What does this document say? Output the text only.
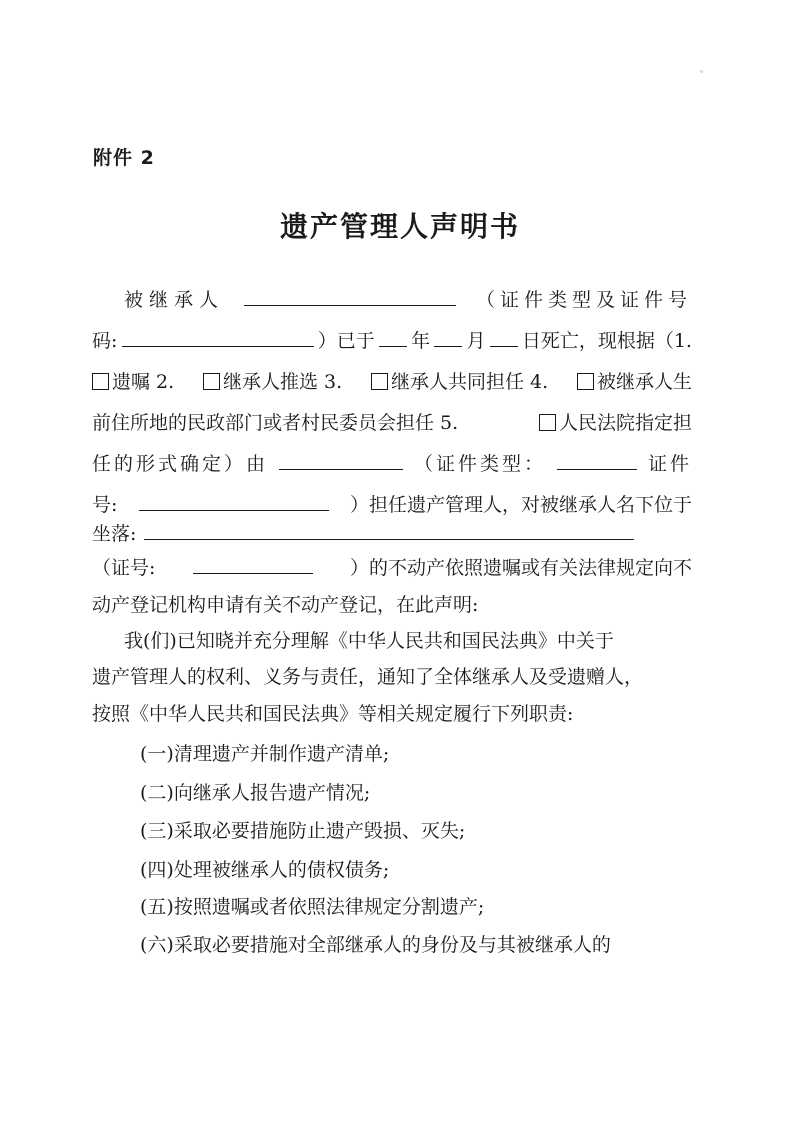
附件 2
遗产管理人声明书
被继承人	（证件类型及证件号
码:	）已于 年 月 日死亡，现根据（1.
遗嘱 2.	继承人推选 3.	继承人共同担任 4.	被继承人生
前住所地的民政部门或者村民委员会担任 5.	人民法院指定担
任的形式确定）由	（证件类型：	证件
号:	）担任遗产管理人，对被继承人名下位于
坐落:
（证号:	）的不动产依照遗嘱或有关法律规定向不
动产登记机构申请有关不动产登记，在此声明:
我(们)已知晓并充分理解《中华人民共和国民法典》中关于
遗产管理人的权利、义务与责任，通知了全体继承人及受遗赠人，
按照《中华人民共和国民法典》等相关规定履行下列职责:
(一)清理遗产并制作遗产清单;
(二)向继承人报告遗产情况;
(三)采取必要措施防止遗产毁损、灭失;
(四)处理被继承人的债权债务;
(五)按照遗嘱或者依照法律规定分割遗产;
(六)采取必要措施对全部继承人的身份及与其被继承人的
